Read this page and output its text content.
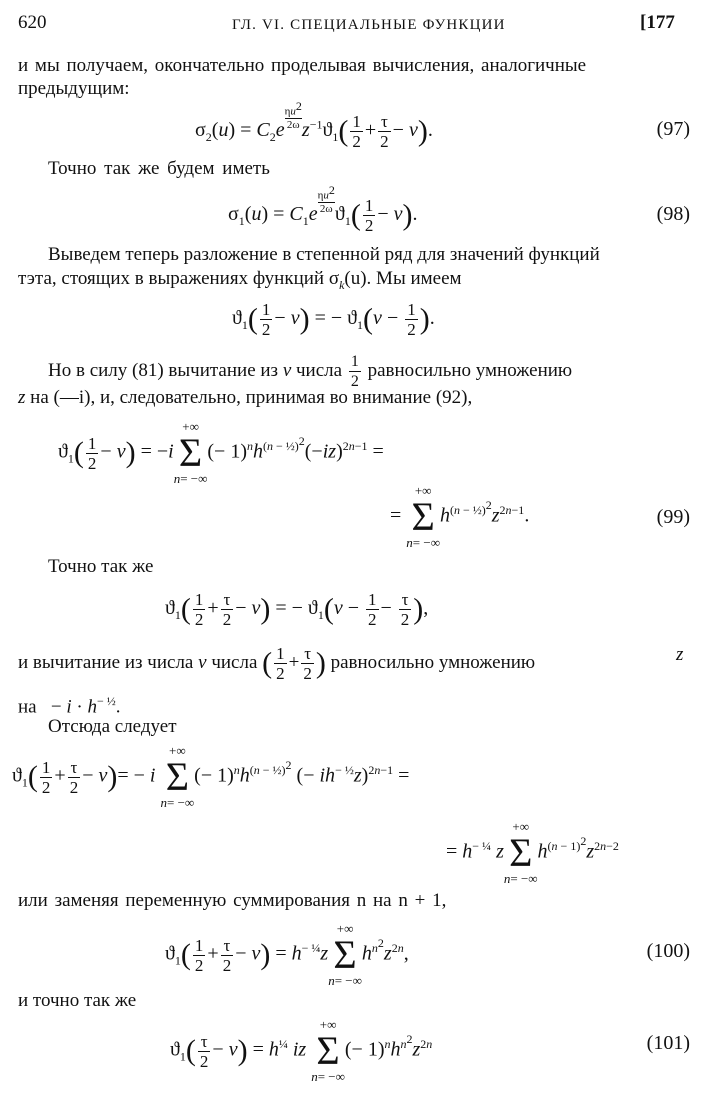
620	ГЛ. VI. СПЕЦИАЛЬНЫЕ ФУНКЦИИ	[177
и мы получаем, окончательно проделывая вычисления, аналогичные
предыдущим:
$\sigma_2(u) = C_2e \frac{\eta u^2}{2\omega}z^{-1}ϑ_1( \frac{1}{2} + \frac{\tau}{2} - v)$.	(97)
Точно так же будем иметь
$\sigma_1(u) = C_1e \frac{\eta u^2}{2\omega}ϑ_1( \frac{1}{2} - v)$.	(98)
Выведем теперь разложение в степенной ряд для значений функций
тэта, стоящих в выражениях функций $\sigma_k(u)$. Мы имеем
$ϑ_1( \frac{1}{2} - v)$ = − $ϑ_1(v - \frac{1}{2}$ ).
Но в силу (81) вычитание из v числа $\frac{1}{2}$ равносильно умножению
z на (—i), и, следовательно, принимая во внимание (92),
$ϑ_1( \frac{1}{2} - v) = -i$
+∞
Σ
n= −∞
(− $1)^nh^{(n - \frac{1}{2})^2}(-iz)^{2n-1}$ =
=
+∞
Σ
n= −∞
$h^{(n - \frac{1}{2})^2}z^{2n-1}$.	(99)
Точно так же
$ϑ_1( \frac{1}{2} + \frac{\tau}{2} - v)$ = − $ϑ_1(v - \frac{1}{2} - \frac{\tau}{2}$ ),
и вычитание из числа v числа ( $\frac{1}{2} + \frac{\tau}{2}$ ) равносильно умножению
на   − $i \cdot h^{- \frac{1}{2}}$.
z
Отсюда следует
$ϑ_1( \frac{1}{2} + \frac{\tau}{2} - v)= - i$
+∞
Σ
n= −∞
(− $1)^nh^{(n - \frac{1}{2})^2}$ (− $ih^{- \frac{1}{2}}z)^{2n-1}$ =
= $h^{- \frac{1}{4}}$ z
+∞
Σ
n= −∞
$h^{(n - 1)^2}z^{2n-2}$
или заменяя переменную суммирования n на n + 1,
$ϑ_1( \frac{1}{2} + \frac{\tau}{2} - v) = h^{- \frac{1}{4}}z$
+∞
Σ
n= −∞
$h^{n^2}z^{2n}$,	(100)
и точно так же
$ϑ_1( \frac{\tau}{2} - v) = h^{\frac{1}{4}}$ iz
+∞
Σ
n= −∞
(− $1)^nh^{n^2}z^{2n}$	(101)
